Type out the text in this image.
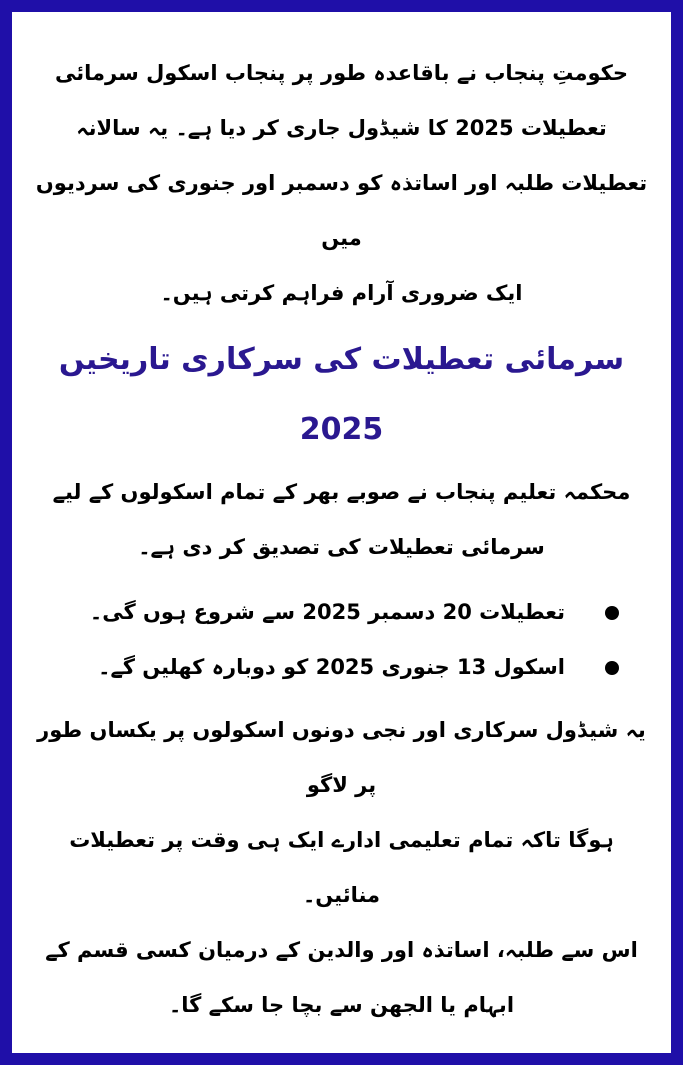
حکومتِ پنجاب نے باقاعدہ طور پر پنجاب اسکول سرمائی
تعطیلات 2025 کا شیڈول جاری کر دیا ہے۔ یہ سالانہ
تعطیلات طلبہ اور اساتذہ کو دسمبر اور جنوری کی سردیوں میں
ایک ضروری آرام فراہم کرتی ہیں۔
سرمائی تعطیلات کی سرکاری تاریخیں 2025
محکمہ تعلیم پنجاب نے صوبے بھر کے تمام اسکولوں کے لیے
سرمائی تعطیلات کی تصدیق کر دی ہے۔
تعطیلات 20 دسمبر 2025 سے شروع ہوں گی۔
اسکول 13 جنوری 2025 کو دوبارہ کھلیں گے۔
یہ شیڈول سرکاری اور نجی دونوں اسکولوں پر یکساں طور پر لاگو
ہوگا تاکہ تمام تعلیمی ادارے ایک ہی وقت پر تعطیلات منائیں۔
اس سے طلبہ، اساتذہ اور والدین کے درمیان کسی قسم کے
ابہام یا الجھن سے بچا جا سکے گا۔
